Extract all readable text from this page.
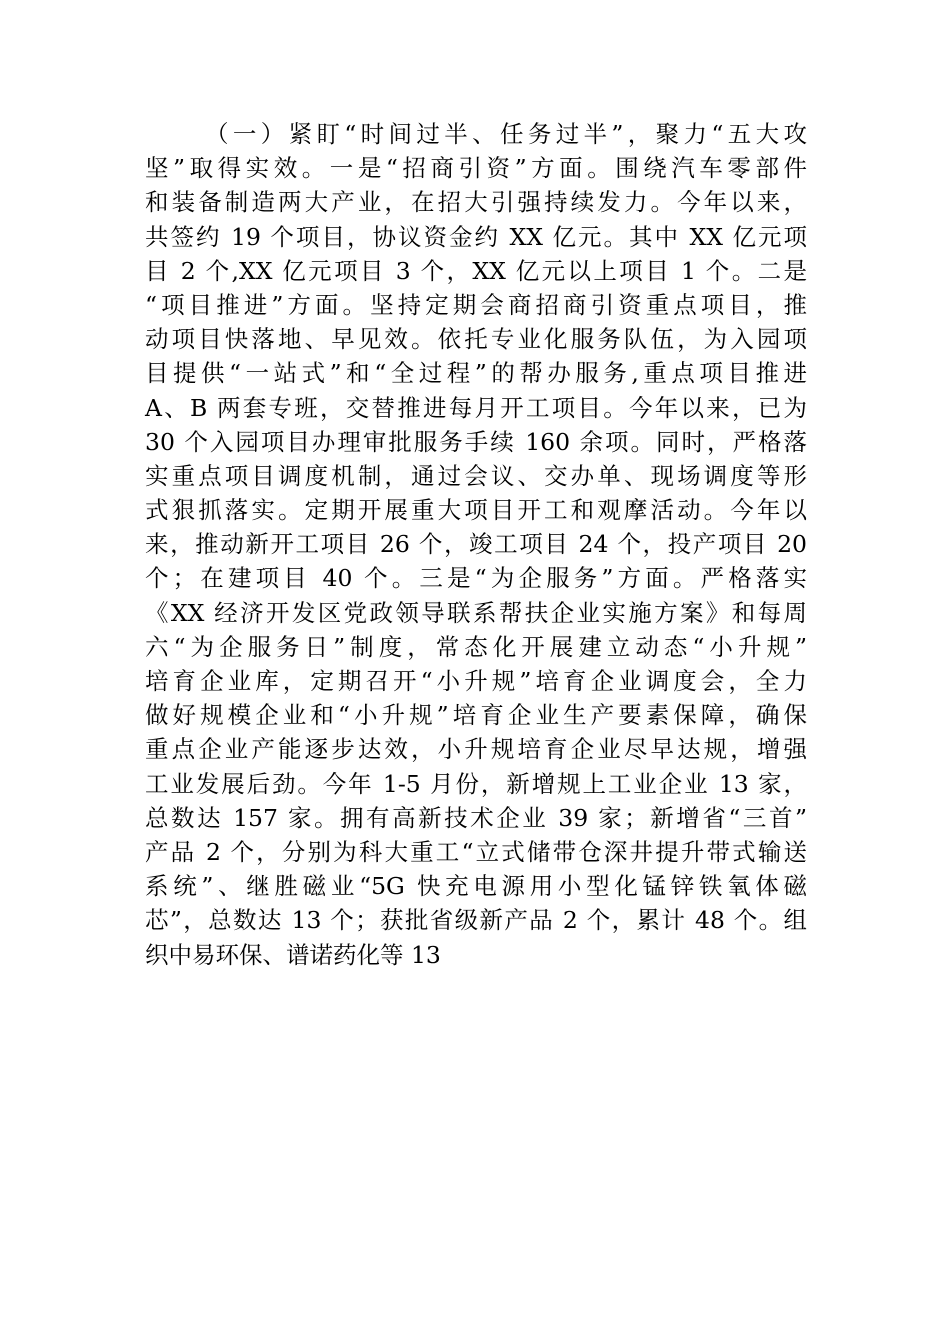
（一）紧盯“时间过半、任务过半”，聚力“五大攻
坚”取得实效。一是“招商引资”方面。围绕汽车零部件
和装备制造两大产业，在招大引强持续发力。今年以来，
共签约 19 个项目，协议资金约 XX 亿元。其中 XX 亿元项
目 2 个,XX 亿元项目 3 个，XX 亿元以上项目 1 个。二是
“项目推进”方面。坚持定期会商招商引资重点项目，推
动项目快落地、早见效。依托专业化服务队伍，为入园项
目提供“一站式”和“全过程”的帮办服务,重点项目推进
A、B 两套专班，交替推进每月开工项目。今年以来，已为
30 个入园项目办理审批服务手续 160 余项。同时，严格落
实重点项目调度机制，通过会议、交办单、现场调度等形
式狠抓落实。定期开展重大项目开工和观摩活动。今年以
来，推动新开工项目 26 个，竣工项目 24 个，投产项目 20
个；在建项目 40 个。三是“为企服务”方面。严格落实
《XX 经济开发区党政领导联系帮扶企业实施方案》和每周
六“为企服务日”制度，常态化开展建立动态“小升规”
培育企业库，定期召开“小升规”培育企业调度会，全力
做好规模企业和“小升规”培育企业生产要素保障，确保
重点企业产能逐步达效，小升规培育企业尽早达规，增强
工业发展后劲。今年 1-5 月份，新增规上工业企业 13 家，
总数达 157 家。拥有高新技术企业 39 家；新增省“三首”
产品 2 个，分别为科大重工“立式储带仓深井提升带式输送
系统”、继胜磁业“5G 快充电源用小型化锰锌铁氧体磁
芯”，总数达 13 个；获批省级新产品 2 个，累计 48 个。组
织中易环保、谱诺药化等 13
